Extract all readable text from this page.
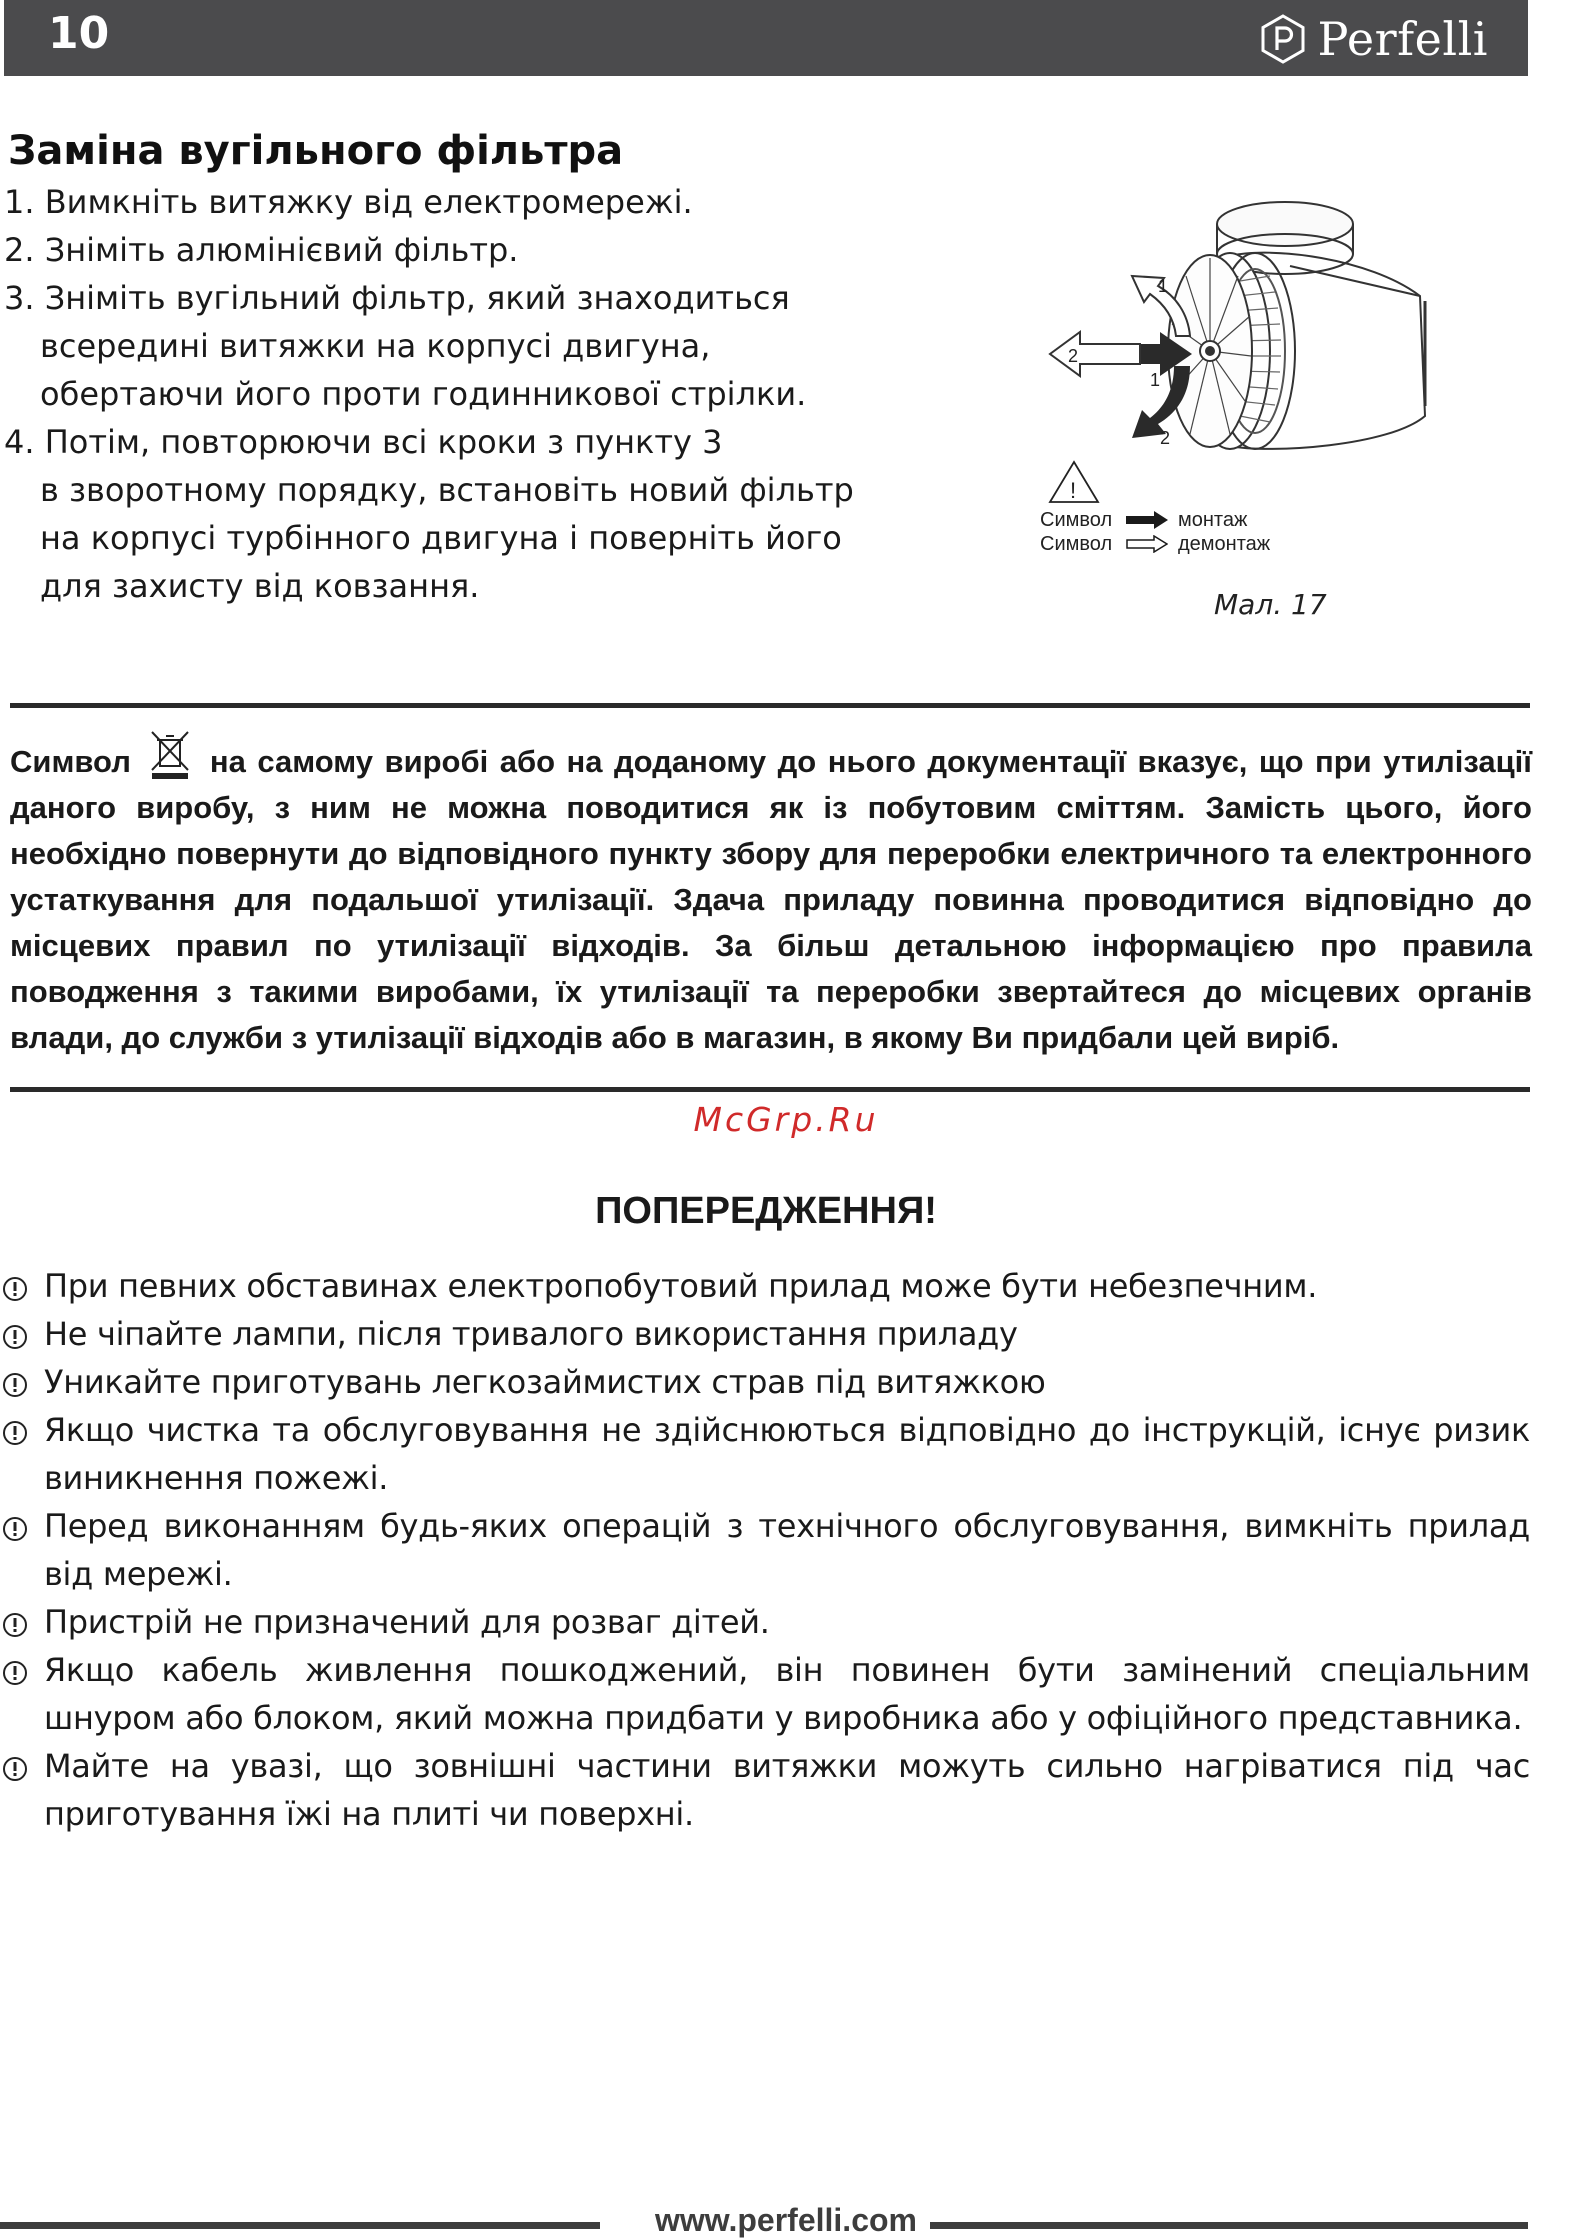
10	Perfelli
Заміна вугільного фільтра
1. Вимкніть витяжку від електромережі.
2. Зніміть алюмінієвий фільтр.
3. Зніміть вугільний фільтр, який знаходиться
всередині витяжки на корпусі двигуна,
обертаючи його проти годинникової стрілки.
4. Потім, повторюючи всі кроки з пункту 3
в зворотному порядку, встановіть новий фільтр
на корпусі турбінного двигуна і поверніть його
для захисту від ковзання.
1
2
1
2
!
Символ	монтаж
Символ	демонтаж
Мал. 17

Символ	на самому виробі або на доданому до нього документації вказує, що при утилізації даного виробу, з ним не можна поводитися як із побутовим сміттям. Замість цього, його необхідно повернути до відповідного пункту збору для переробки електричного та електронного устаткування для подальшої утилізації. Здача приладу повинна проводитися відповідно до місцевих правил по утилізації відходів. За більш детальною інформацією про правила поводження з такими виробами, їх утилізації та переробки звертайтеся до місцевих органів влади, до служби з утилізації відходів або в магазин, в якому Ви придбали цей виріб.

McGrp.Ru
ПОПЕРЕДЖЕННЯ!
При певних обставинах електропобутовий прилад може бути небезпечним.
Не чіпайте лампи, після тривалого використання приладу
Уникайте приготувань легкозаймистих страв під витяжкою
Якщо чистка та обслуговування не здійснюються відповідно до інструкцій, існує ризик виникнення пожежі.
Перед виконанням будь-яких операцій з технічного обслуговування, вимкніть прилад від мережі.
Пристрій не призначений для розваг дітей.
Якщо кабель живлення пошкоджений, він повинен бути замінений спеціальним шнуром або блоком, який можна придбати у виробника або у офіційного представника.
Майте на увазі, що зовнішні частини витяжки можуть сильно нагріватися під час приготування їжі на плиті чи поверхні.
www.perfelli.com
